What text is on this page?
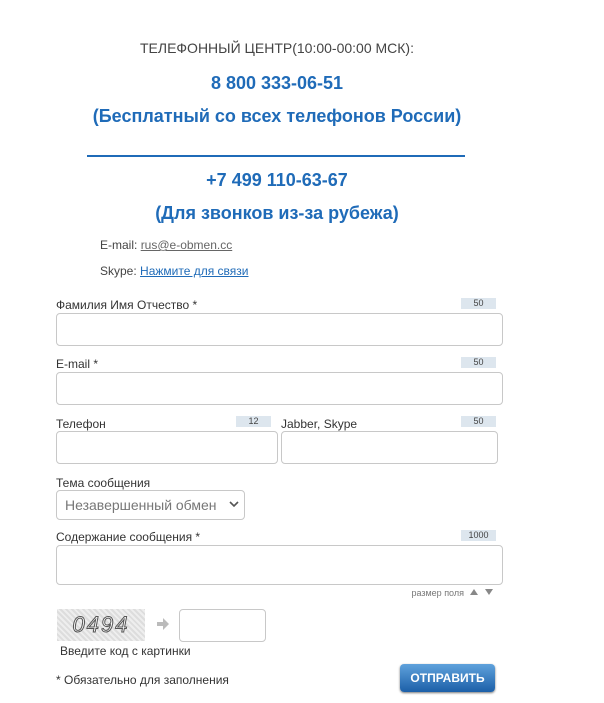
ТЕЛЕФОННЫЙ ЦЕНТР(10:00-00:00 МСК):
8 800 333-06-51
(Бесплатный со всех телефонов России)
+7 499 110-63-67
(Для звонков из-за рубежа)
E-mail: rus@e-obmen.cc
Skype: Нажмите для связи
Фамилия Имя Отчество *	50
E-mail *	50
Телефон	12	Jabber, Skype	50
Тема сообщения
Незавершенный обмен
Содержание сообщения *	1000
размер поля
0494
Введите код с картинки
* Обязательно для заполнения	ОТПРАВИТЬ
